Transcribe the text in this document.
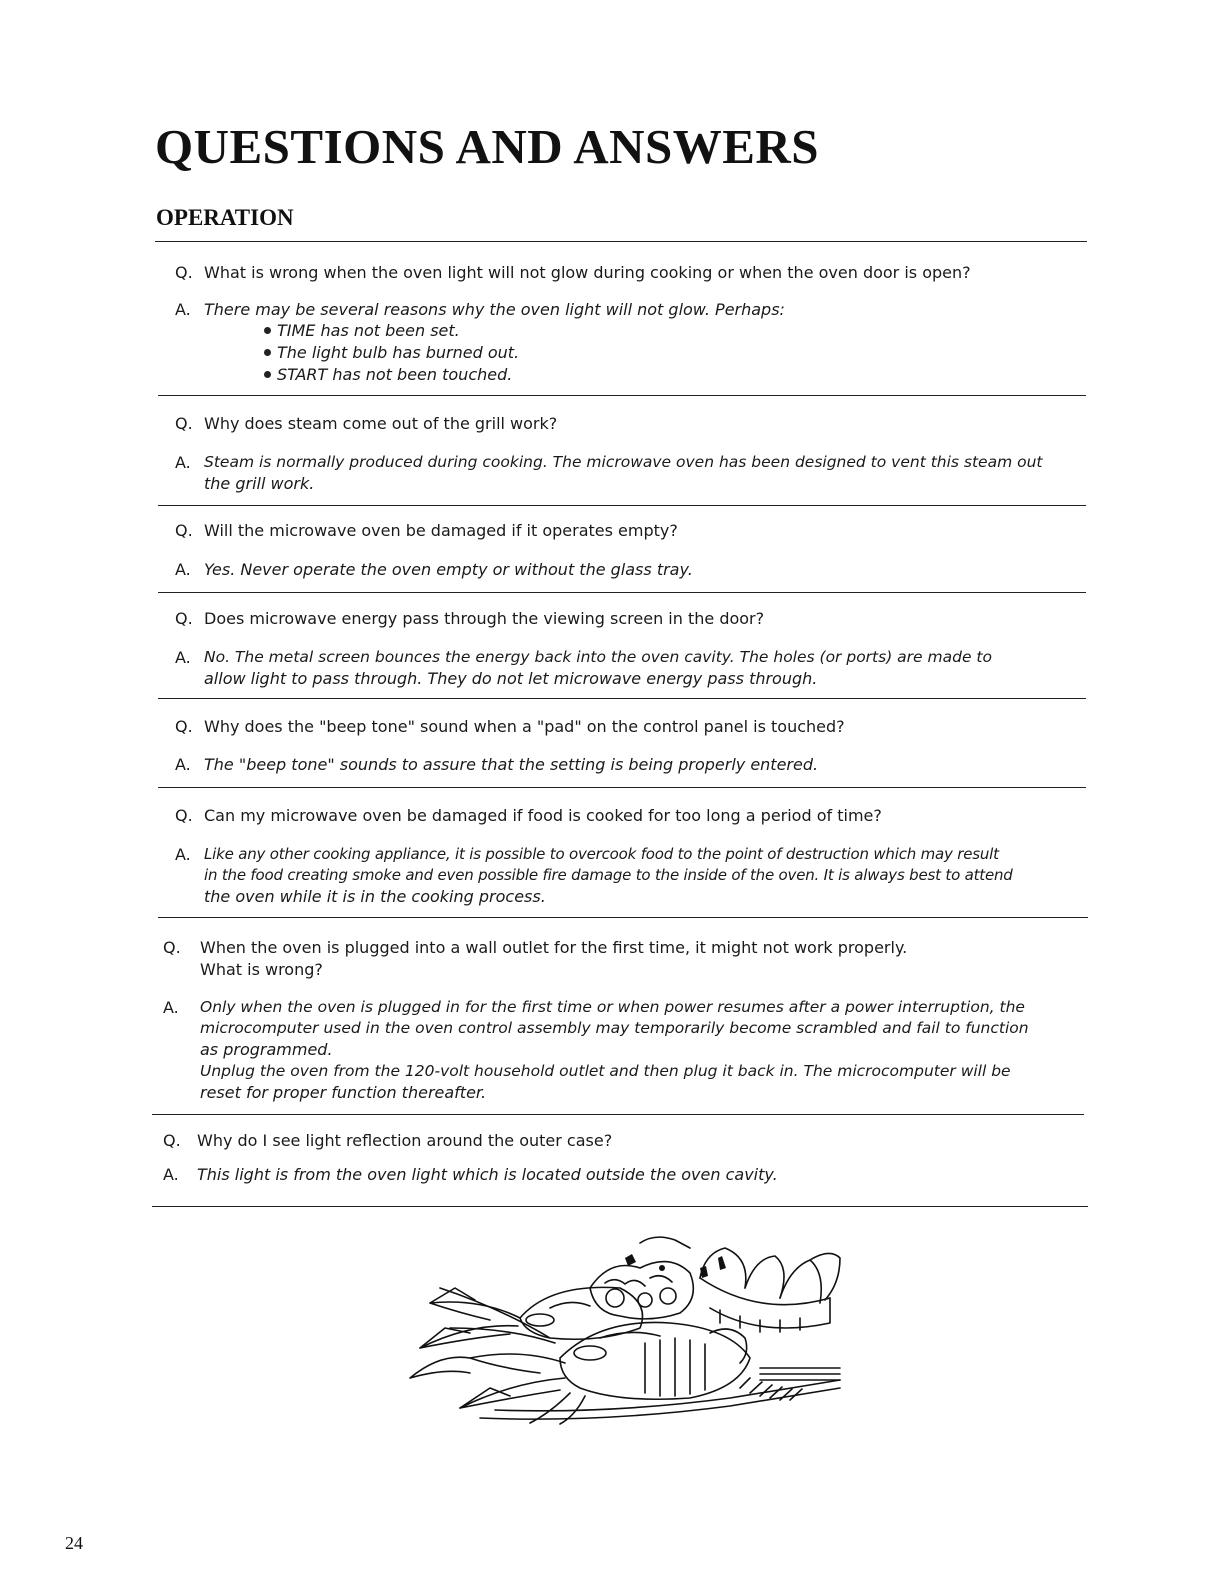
QUESTIONS AND ANSWERS
OPERATION
Q. What is wrong when the oven light will not glow during cooking or when the oven door is open?
A. There may be several reasons why the oven light will not glow. Perhaps:
TIME has not been set.
The light bulb has burned out.
START has not been touched.
Q. Why does steam come out of the grill work?
A. Steam is normally produced during cooking. The microwave oven has been designed to vent this steam out
the grill work.
Q. Will the microwave oven be damaged if it operates empty?
A. Yes. Never operate the oven empty or without the glass tray.
Q. Does microwave energy pass through the viewing screen in the door?
A. No. The metal screen bounces the energy back into the oven cavity. The holes (or ports) are made to
allow light to pass through. They do not let microwave energy pass through.
Q. Why does the "beep tone" sound when a "pad" on the control panel is touched?
A. The "beep tone" sounds to assure that the setting is being properly entered.
Q. Can my microwave oven be damaged if food is cooked for too long a period of time?
A. Like any other cooking appliance, it is possible to overcook food to the point of destruction which may result
in the food creating smoke and even possible fire damage to the inside of the oven. It is always best to attend
the oven while it is in the cooking process.
Q. When the oven is plugged into a wall outlet for the first time, it might not work properly.
What is wrong?
A. Only when the oven is plugged in for the first time or when power resumes after a power interruption, the
microcomputer used in the oven control assembly may temporarily become scrambled and fail to function
as programmed.
Unplug the oven from the 120-volt household outlet and then plug it back in. The microcomputer will be
reset for proper function thereafter.
Q. Why do I see light reflection around the outer case?
A. This light is from the oven light which is located outside the oven cavity.
24
